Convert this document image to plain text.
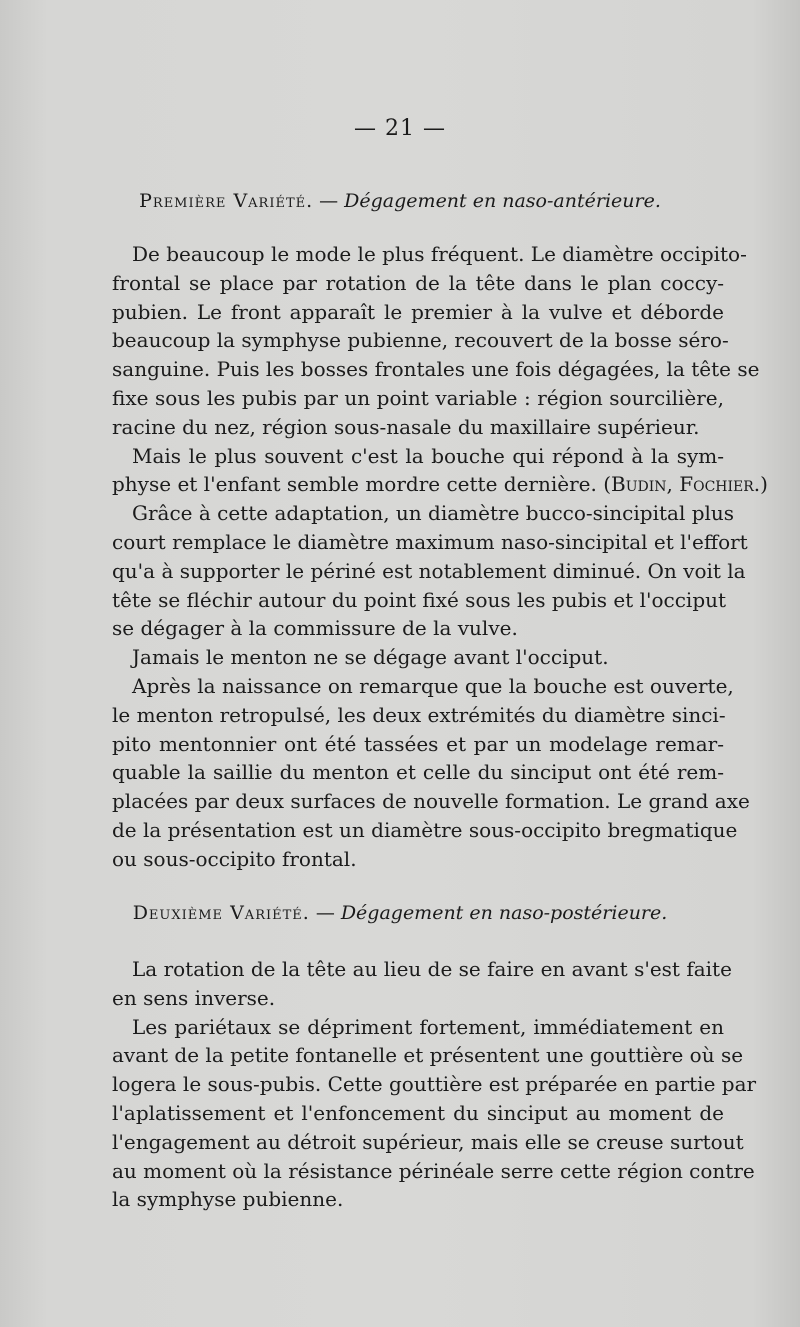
— 21 —
Première Variété. — Dégagement en naso-antérieure.
De beaucoup le mode le plus fréquent. Le diamètre occipito-
frontal se place par rotation de la tête dans le plan coccy-
pubien. Le front apparaît le premier à la vulve et déborde
beaucoup la symphyse pubienne, recouvert de la bosse séro-
sanguine. Puis les bosses frontales une fois dégagées, la tête se
fixe sous les pubis par un point variable : région sourcilière,
racine du nez, région sous-nasale du maxillaire supérieur.
Mais le plus souvent c'est la bouche qui répond à la sym-
physe et l'enfant semble mordre cette dernière. (Budin, Fochier.)
Grâce à cette adaptation, un diamètre bucco-sincipital plus
court remplace le diamètre maximum naso-sincipital et l'effort
qu'a à supporter le périné est notablement diminué. On voit la
tête se fléchir autour du point fixé sous les pubis et l'occiput
se dégager à la commissure de la vulve.
Jamais le menton ne se dégage avant l'occiput.
Après la naissance on remarque que la bouche est ouverte,
le menton retropulsé, les deux extrémités du diamètre sinci-
pito mentonnier ont été tassées et par un modelage remar-
quable la saillie du menton et celle du sinciput ont été rem-
placées par deux surfaces de nouvelle formation. Le grand axe
de la présentation est un diamètre sous-occipito bregmatique
ou sous-occipito frontal.
Deuxième Variété. — Dégagement en naso-postérieure.
La rotation de la tête au lieu de se faire en avant s'est faite
en sens inverse.
Les pariétaux se dépriment fortement, immédiatement en
avant de la petite fontanelle et présentent une gouttière où se
logera le sous-pubis. Cette gouttière est préparée en partie par
l'aplatissement et l'enfoncement du sinciput au moment de
l'engagement au détroit supérieur, mais elle se creuse surtout
au moment où la résistance périnéale serre cette région contre
la symphyse pubienne.
